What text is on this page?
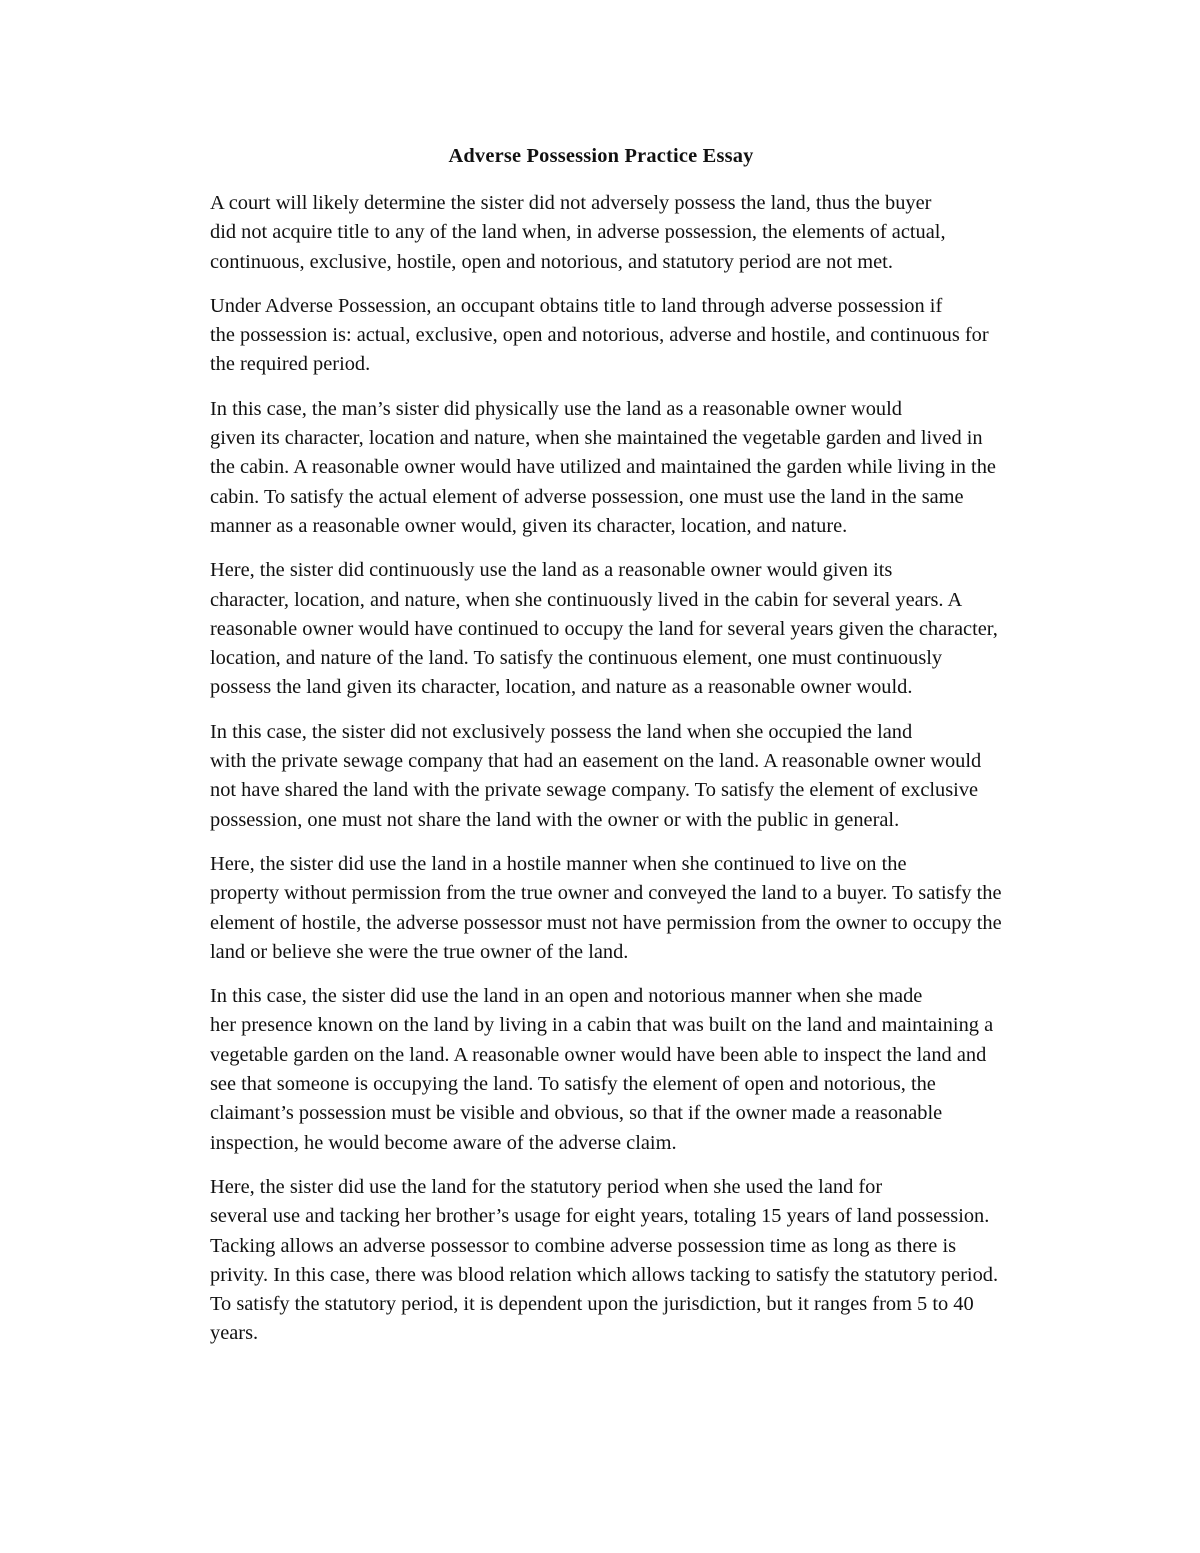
Adverse Possession Practice Essay

A court will likely determine the sister did not adversely possess the land, thus the buyer
did not acquire title to any of the land when, in adverse possession, the elements of actual,
continuous, exclusive, hostile, open and notorious, and statutory period are not met.

Under Adverse Possession, an occupant obtains title to land through adverse possession if
the possession is: actual, exclusive, open and notorious, adverse and hostile, and continuous for
the required period.

In this case, the man’s sister did physically use the land as a reasonable owner would
given its character, location and nature, when she maintained the vegetable garden and lived in
the cabin. A reasonable owner would have utilized and maintained the garden while living in the
cabin. To satisfy the actual element of adverse possession, one must use the land in the same
manner as a reasonable owner would, given its character, location, and nature.

Here, the sister did continuously use the land as a reasonable owner would given its
character, location, and nature, when she continuously lived in the cabin for several years. A
reasonable owner would have continued to occupy the land for several years given the character,
location, and nature of the land. To satisfy the continuous element, one must continuously
possess the land given its character, location, and nature as a reasonable owner would.

In this case, the sister did not exclusively possess the land when she occupied the land
with the private sewage company that had an easement on the land. A reasonable owner would
not have shared the land with the private sewage company. To satisfy the element of exclusive
possession, one must not share the land with the owner or with the public in general.

Here, the sister did use the land in a hostile manner when she continued to live on the
property without permission from the true owner and conveyed the land to a buyer. To satisfy the
element of hostile, the adverse possessor must not have permission from the owner to occupy the
land or believe she were the true owner of the land.

In this case, the sister did use the land in an open and notorious manner when she made
her presence known on the land by living in a cabin that was built on the land and maintaining a
vegetable garden on the land. A reasonable owner would have been able to inspect the land and
see that someone is occupying the land. To satisfy the element of open and notorious, the
claimant’s possession must be visible and obvious, so that if the owner made a reasonable
inspection, he would become aware of the adverse claim.

Here, the sister did use the land for the statutory period when she used the land for
several use and tacking her brother’s usage for eight years, totaling 15 years of land possession.
Tacking allows an adverse possessor to combine adverse possession time as long as there is
privity. In this case, there was blood relation which allows tacking to satisfy the statutory period.
To satisfy the statutory period, it is dependent upon the jurisdiction, but it ranges from 5 to 40
years.
